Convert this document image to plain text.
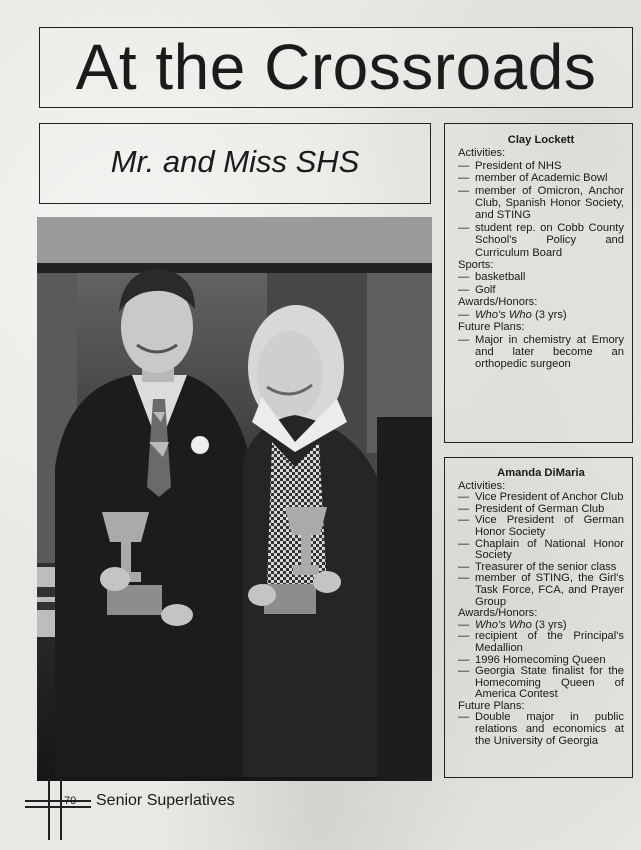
At the Crossroads
Mr. and Miss SHS
Clay Lockett
Activities:
— President of NHS
— member of Academic Bowl
— member of Omicron, Anchor Club, Spanish Honor Society, and STING
— student rep. on Cobb County School's Policy and Curriculum Board
Sports:
— basketball
— Golf
Awards/Honors:
— Who's Who (3 yrs)
Future Plans:
— Major in chemistry at Emory and later become an orthopedic surgeon
Amanda DiMaria
Activities:
— Vice President of Anchor Club
— President of German Club
— Vice President of German Honor Society
— Chaplain of National Honor Society
— Treasurer of the senior class
— member of STING, the Girl's Task Force, FCA, and Prayer Group
Awards/Honors:
— Who's Who (3 yrs)
— recipient of the Principal's Medallion
— 1996 Homecoming Queen
— Georgia State finalist for the Homecoming Queen of America Contest
Future Plans:
— Double major in public relations and economics at the University of Georgia
70 Senior Superlatives
